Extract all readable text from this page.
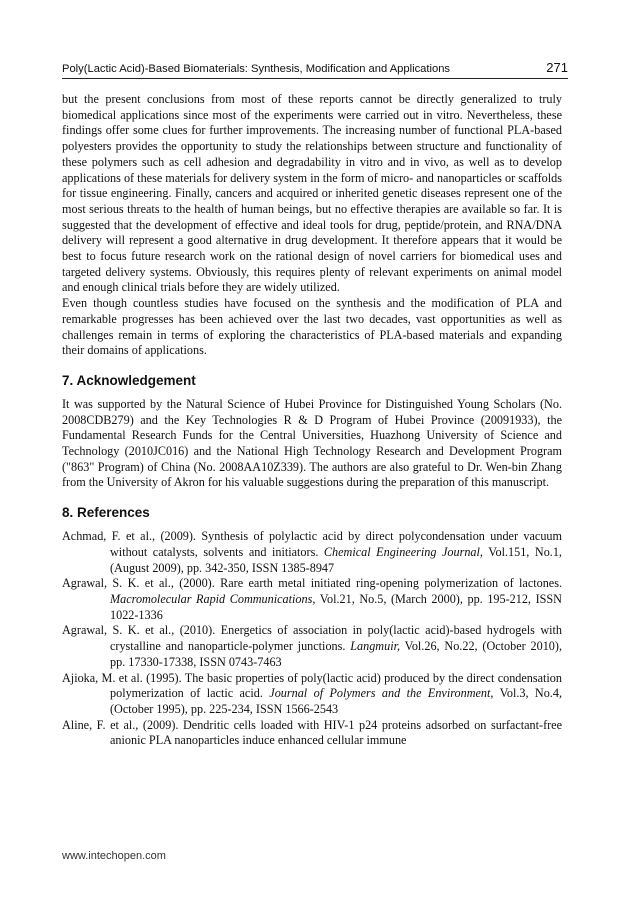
Poly(Lactic Acid)-Based Biomaterials: Synthesis, Modification and Applications	271

but the present conclusions from most of these reports cannot be directly generalized to truly biomedical applications since most of the experiments were carried out in vitro. Nevertheless, these findings offer some clues for further improvements. The increasing number of functional PLA-based polyesters provides the opportunity to study the relationships between structure and functionality of these polymers such as cell adhesion and degradability in vitro and in vivo, as well as to develop applications of these materials for delivery system in the form of micro- and nanoparticles or scaffolds for tissue engineering. Finally, cancers and acquired or inherited genetic diseases represent one of the most serious threats to the health of human beings, but no effective therapies are available so far. It is suggested that the development of effective and ideal tools for drug, peptide/protein, and RNA/DNA delivery will represent a good alternative in drug development. It therefore appears that it would be best to focus future research work on the rational design of novel carriers for biomedical uses and targeted delivery systems. Obviously, this requires plenty of relevant experiments on animal model and enough clinical trials before they are widely utilized.

Even though countless studies have focused on the synthesis and the modification of PLA and remarkable progresses has been achieved over the last two decades, vast opportunities as well as challenges remain in terms of exploring the characteristics of PLA-based materials and expanding their domains of applications.

7. Acknowledgement

It was supported by the Natural Science of Hubei Province for Distinguished Young Scholars (No. 2008CDB279) and the Key Technologies R & D Program of Hubei Province (20091933), the Fundamental Research Funds for the Central Universities, Huazhong University of Science and Technology (2010JC016) and the National High Technology Research and Development Program ("863" Program) of China (No. 2008AA10Z339). The authors are also grateful to Dr. Wen-bin Zhang from the University of Akron for his valuable suggestions during the preparation of this manuscript.

8. References

Achmad, F. et al., (2009). Synthesis of polylactic acid by direct polycondensation under vacuum without catalysts, solvents and initiators. Chemical Engineering Journal, Vol.151, No.1, (August 2009), pp. 342-350, ISSN 1385-8947

Agrawal, S. K. et al., (2000). Rare earth metal initiated ring-opening polymerization of lactones. Macromolecular Rapid Communications, Vol.21, No.5, (March 2000), pp. 195-212, ISSN 1022-1336

Agrawal, S. K. et al., (2010). Energetics of association in poly(lactic acid)-based hydrogels with crystalline and nanoparticle-polymer junctions. Langmuir, Vol.26, No.22, (October 2010), pp. 17330-17338, ISSN 0743-7463

Ajioka, M. et al. (1995). The basic properties of poly(lactic acid) produced by the direct condensation polymerization of lactic acid. Journal of Polymers and the Environment, Vol.3, No.4, (October 1995), pp. 225-234, ISSN 1566-2543

Aline, F. et al., (2009). Dendritic cells loaded with HIV-1 p24 proteins adsorbed on surfactant-free anionic PLA nanoparticles induce enhanced cellular immune

www.intechopen.com
